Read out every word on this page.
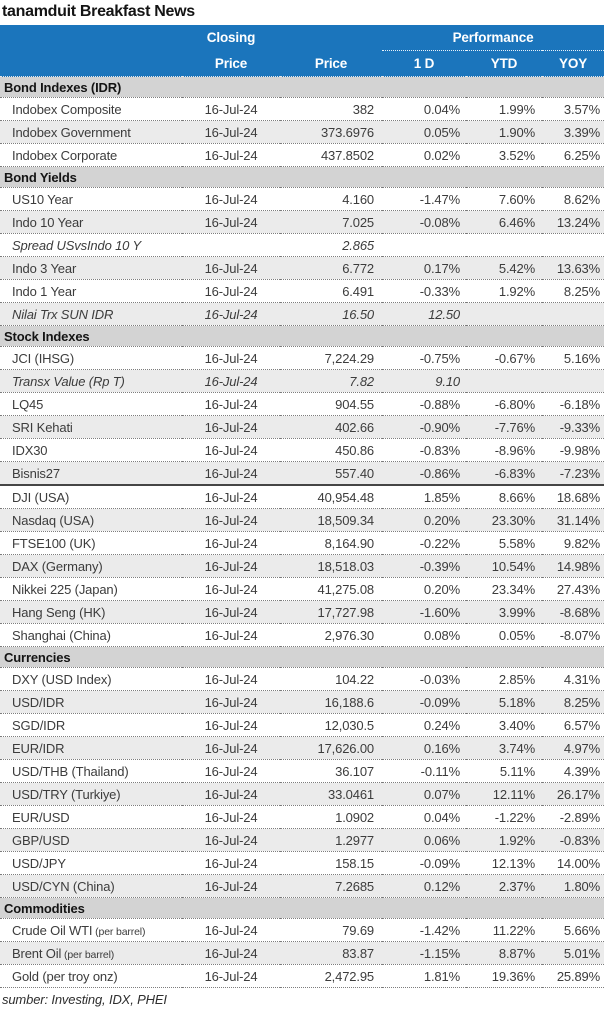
tanamduit Breakfast News
	Closing		Performance		
	Price	Price	1 D	YTD	YOY
Bond Indexes (IDR)					
Indobex Composite	16-Jul-24	382	0.04%	1.99%	3.57%
Indobex Government	16-Jul-24	373.6976	0.05%	1.90%	3.39%
Indobex Corporate	16-Jul-24	437.8502	0.02%	3.52%	6.25%
Bond Yields					
US10 Year	16-Jul-24	4.160	-1.47%	7.60%	8.62%
Indo 10 Year	16-Jul-24	7.025	-0.08%	6.46%	13.24%
Spread USvsIndo 10 Y		2.865			
Indo 3 Year	16-Jul-24	6.772	0.17%	5.42%	13.63%
Indo 1 Year	16-Jul-24	6.491	-0.33%	1.92%	8.25%
Nilai Trx SUN IDR	16-Jul-24	16.50	12.50		
Stock Indexes					
JCI (IHSG)	16-Jul-24	7,224.29	-0.75%	-0.67%	5.16%
Transx Value (Rp T)	16-Jul-24	7.82	9.10		
LQ45	16-Jul-24	904.55	-0.88%	-6.80%	-6.18%
SRI Kehati	16-Jul-24	402.66	-0.90%	-7.76%	-9.33%
IDX30	16-Jul-24	450.86	-0.83%	-8.96%	-9.98%
Bisnis27	16-Jul-24	557.40	-0.86%	-6.83%	-7.23%
DJI (USA)	16-Jul-24	40,954.48	1.85%	8.66%	18.68%
Nasdaq (USA)	16-Jul-24	18,509.34	0.20%	23.30%	31.14%
FTSE100 (UK)	16-Jul-24	8,164.90	-0.22%	5.58%	9.82%
DAX (Germany)	16-Jul-24	18,518.03	-0.39%	10.54%	14.98%
Nikkei 225 (Japan)	16-Jul-24	41,275.08	0.20%	23.34%	27.43%
Hang Seng (HK)	16-Jul-24	17,727.98	-1.60%	3.99%	-8.68%
Shanghai (China)	16-Jul-24	2,976.30	0.08%	0.05%	-8.07%
Currencies					
DXY (USD Index)	16-Jul-24	104.22	-0.03%	2.85%	4.31%
USD/IDR	16-Jul-24	16,188.6	-0.09%	5.18%	8.25%
SGD/IDR	16-Jul-24	12,030.5	0.24%	3.40%	6.57%
EUR/IDR	16-Jul-24	17,626.00	0.16%	3.74%	4.97%
USD/THB (Thailand)	16-Jul-24	36.107	-0.11%	5.11%	4.39%
USD/TRY (Turkiye)	16-Jul-24	33.0461	0.07%	12.11%	26.17%
EUR/USD	16-Jul-24	1.0902	0.04%	-1.22%	-2.89%
GBP/USD	16-Jul-24	1.2977	0.06%	1.92%	-0.83%
USD/JPY	16-Jul-24	158.15	-0.09%	12.13%	14.00%
USD/CYN (China)	16-Jul-24	7.2685	0.12%	2.37%	1.80%
Commodities					
Crude Oil WTI (per barrel)	16-Jul-24	79.69	-1.42%	11.22%	5.66%
Brent Oil (per barrel)	16-Jul-24	83.87	-1.15%	8.87%	5.01%
Gold (per troy onz)	16-Jul-24	2,472.95	1.81%	19.36%	25.89%
sumber: Investing, IDX, PHEI
